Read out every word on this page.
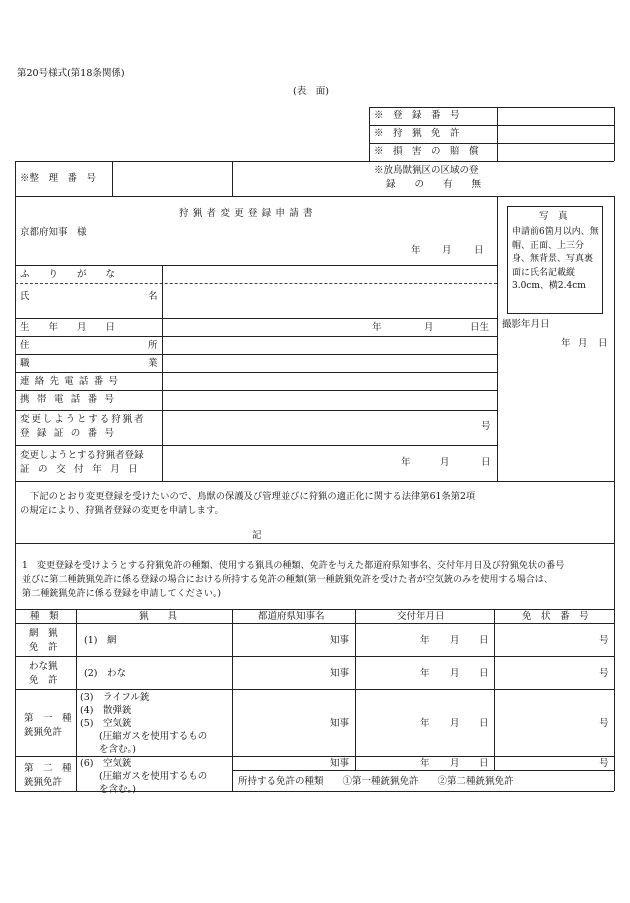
第20号様式(第18条関係)
(表　面)
※　登　録　番　号
※　狩　猟　免　許
※　損　害　の　賠　償
※整　理　番　号
※放鳥獣猟区の区域の登
録　　の　　有　　無
狩猟者変更登録申請書
京都府知事　様
年 月 日
写　真
申請前6箇月以内、無帽、正面、上三分身、無背景、写真裏面に氏名記載縦3.0cm、横2.4cm
撮影年月日
年 月 日
ふ　　り　　が　　な
氏	名
生　　年　　月　　日	年	月	日生
住	所
職	業
連絡先電話番号
携帯電話番号
変更しようとする狩猟者
登録証の番号
号
変更しようとする狩猟者登録
証の交付年月日
年	月	日
下記のとおり変更登録を受けたいので、鳥獣の保護及び管理並びに狩猟の適正化に関する法律第61条第2項
の規定により、狩猟者登録の変更を申請します。
記
1　変更登録を受けようとする狩猟免許の種類、使用する猟具の種類、免許を与えた都道府県知事名、交付年月日及び狩猟免状の番号
並びに第二種銃猟免許に係る登録の場合における所持する免許の種類(第一種銃猟免許を受けた者が空気銃のみを使用する場合は、
第二種銃猟免許に係る登録を申請してください。)
種　類	猟　　具	都道府県知事名	交付年月日	免　状　番　号
網　猟
免　許
(1)　網	知事	年 月 日	号
わな猟
免　許
(2)　わな	知事	年 月 日	号
第　一　種
銃猟免許
(3)　ライフル銃
(4)　散弾銃
(5)　空気銃
　　(圧縮ガスを使用するもの
　　を含む。)
知事	年 月 日	号
第　二　種
銃猟免許
(6)　空気銃
　　(圧縮ガスを使用するもの
　　を含む。)
知事	年 月 日	号
所持する免許の種類　　①第一種銃猟免許　　②第二種銃猟免許
